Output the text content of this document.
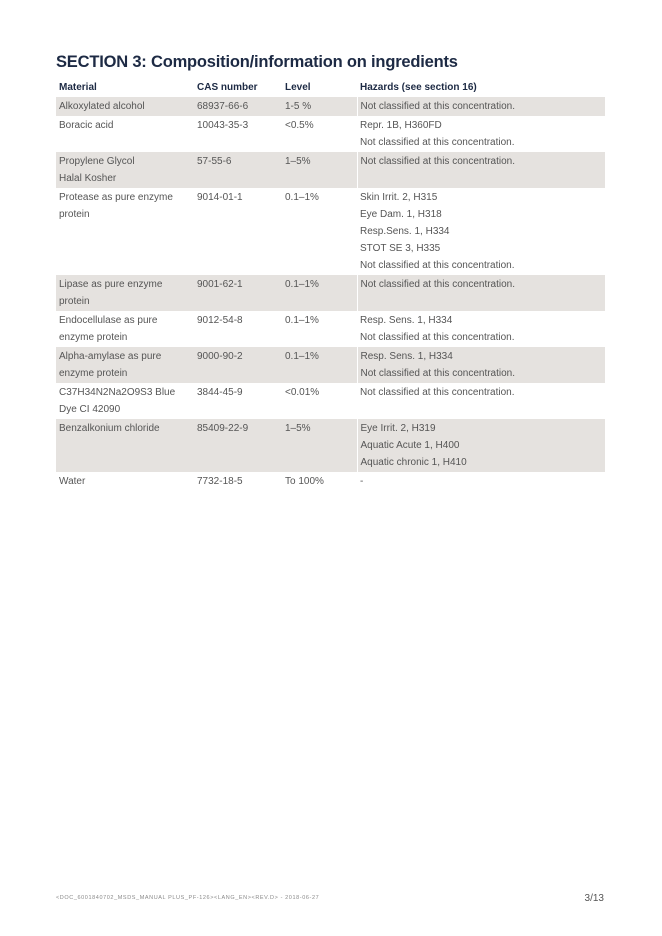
SECTION 3: Composition/information on ingredients
Material	CAS number	Level	Hazards (see section 16)

Alkoxylated alcohol	68937-66-6	1-5 %	Not classified at this concentration.

Boracic acid	10043-35-3	<0.5%	Repr. 1B, H360FD
Not classified at this concentration.

Propylene Glycol
Halal Kosher	57-55-6	1–5%	Not classified at this concentration.

Protease as pure enzyme
protein	9014-01-1	0.1–1%	Skin Irrit. 2, H315
Eye Dam. 1, H318
Resp.Sens. 1, H334
STOT SE 3, H335
Not classified at this concentration.

Lipase as pure enzyme
protein	9001-62-1	0.1–1%	Not classified at this concentration.

Endocellulase as pure
enzyme protein	9012-54-8	0.1–1%	Resp. Sens. 1, H334
Not classified at this concentration.

Alpha-amylase as pure
enzyme protein	9000-90-2	0.1–1%	Resp. Sens. 1, H334
Not classified at this concentration.

C37H34N2Na2O9S3 Blue
Dye CI 42090	3844-45-9	<0.01%	Not classified at this concentration.

Benzalkonium chloride	85409-22-9	1–5%	Eye Irrit. 2, H319
Aquatic Acute 1, H400
Aquatic chronic 1, H410

Water	7732-18-5	To 100%	-
<DOC_6001840702_MSDS_MANUAL PLUS_PF-126><LANG_EN><REV.D> - 2018-06-27	3/13
